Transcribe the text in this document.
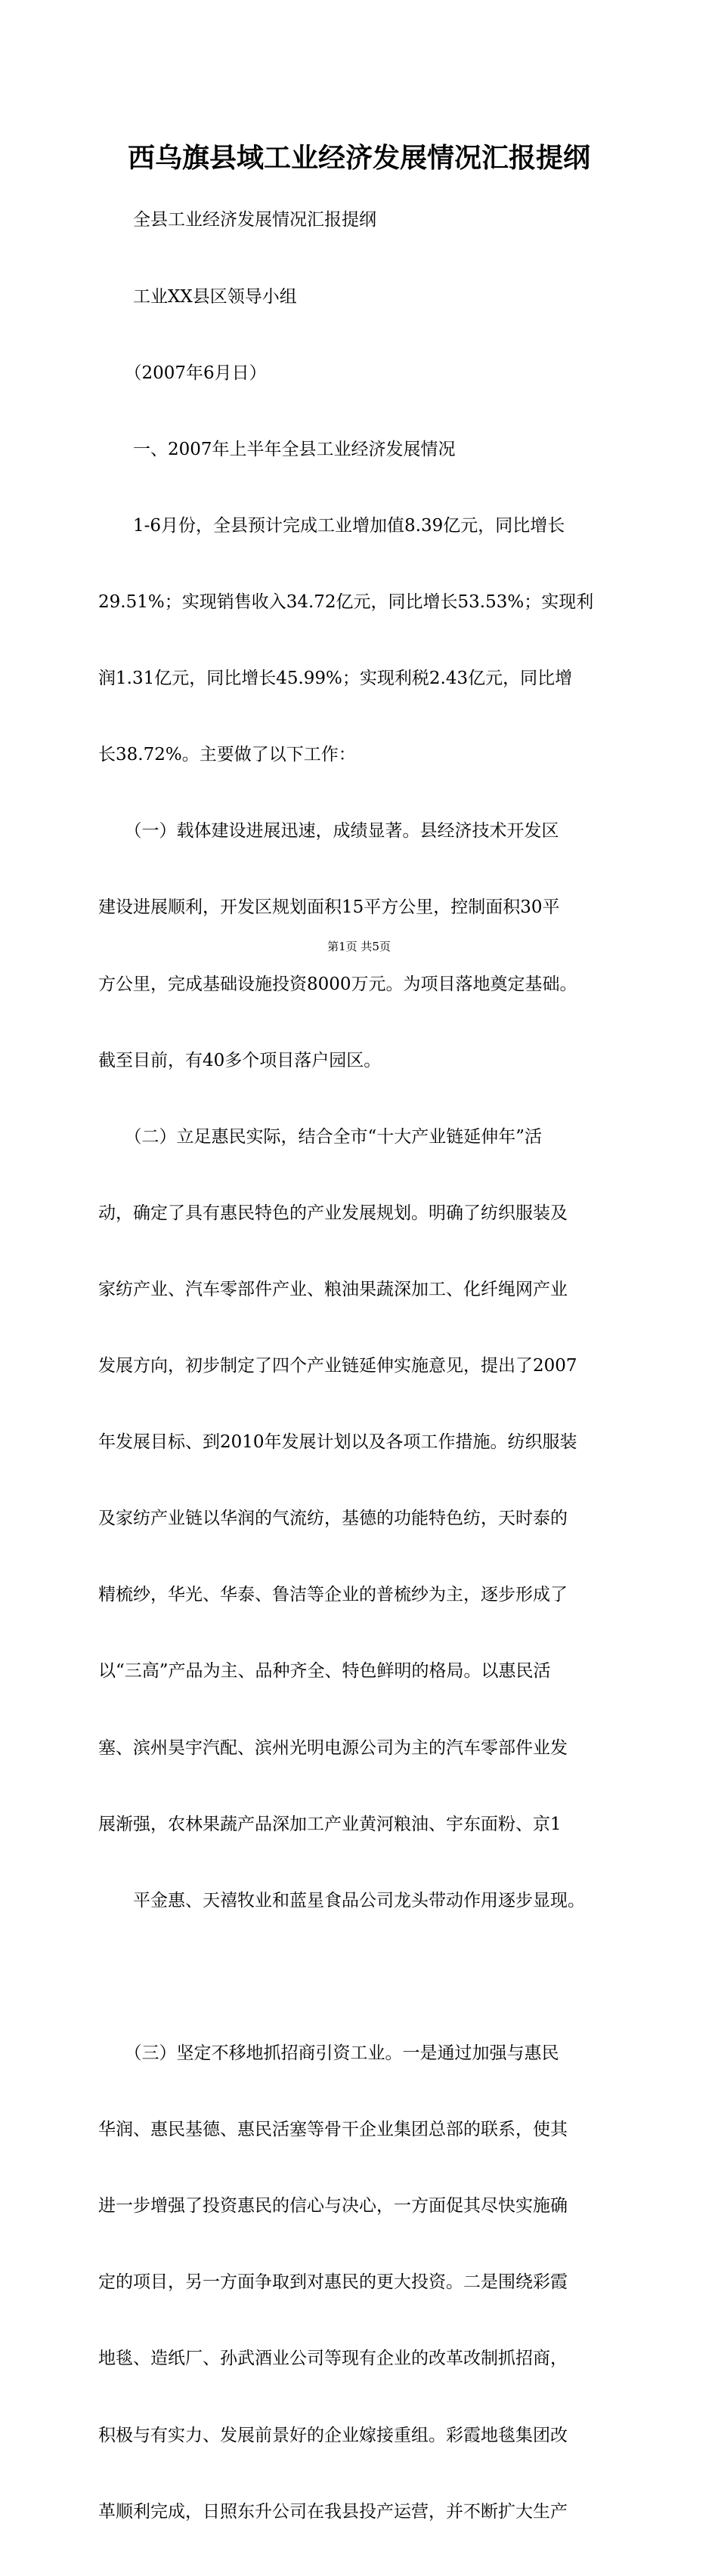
西乌旗县域工业经济发展情况汇报提纲

　　全县工业经济发展情况汇报提纲

　　工业XX县区领导小组

　　（2007年6月日）

　　一、2007年上半年全县工业经济发展情况

　　1-6月份，全县预计完成工业增加值8.39亿元，同比增长

29.51%；实现销售收入34.72亿元，同比增长53.53%；实现利

润1.31亿元，同比增长45.99%；实现利税2.43亿元，同比增

长38.72%。主要做了以下工作：

　　（一）载体建设进展迅速，成绩显著。县经济技术开发区

建设进展顺利，开发区规划面积15平方公里，控制面积30平

方公里，完成基础设施投资8000万元。为项目落地奠定基础。

截至目前，有40多个项目落户园区。

　　（二）立足惠民实际，结合全市“十大产业链延伸年”活

动，确定了具有惠民特色的产业发展规划。明确了纺织服装及

家纺产业、汽车零部件产业、粮油果蔬深加工、化纤绳网产业

发展方向，初步制定了四个产业链延伸实施意见，提出了2007

年发展目标、到2010年发展计划以及各项工作措施。纺织服装

及家纺产业链以华润的气流纺，基德的功能特色纺，天时泰的

精梳纱，华光、华泰、鲁洁等企业的普梳纱为主，逐步形成了

以“三高”产品为主、品种齐全、特色鲜明的格局。以惠民活

塞、滨州昊宇汽配、滨州光明电源公司为主的汽车零部件业发

展渐强，农林果蔬产品深加工产业黄河粮油、宇东面粉、京1

　　平金惠、天禧牧业和蓝星食品公司龙头带动作用逐步显现。

　　（三）坚定不移地抓招商引资工业。一是通过加强与惠民

华润、惠民基德、惠民活塞等骨干企业集团总部的联系，使其

进一步增强了投资惠民的信心与决心，一方面促其尽快实施确

定的项目，另一方面争取到对惠民的更大投资。二是围绕彩霞

地毯、造纸厂、孙武酒业公司等现有企业的改革改制抓招商，

积极与有实力、发展前景好的企业嫁接重组。彩霞地毯集团改

革顺利完成，日照东升公司在我县投产运营，并不断扩大生产

第1页 共5页
